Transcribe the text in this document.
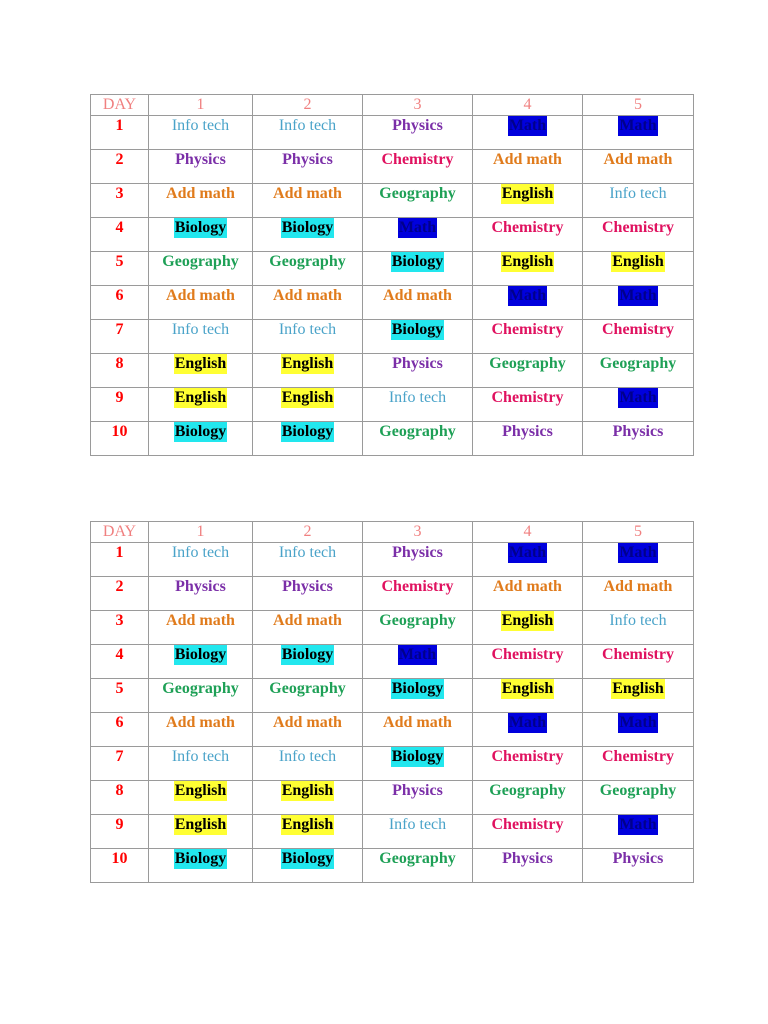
DAY	1	2	3	4	5
1	Info tech	Info tech	Physics	Math	Math
2	Physics	Physics	Chemistry	Add math	Add math
3	Add math	Add math	Geography	English	Info tech
4	Biology	Biology	Math	Chemistry	Chemistry
5	Geography	Geography	Biology	English	English
6	Add math	Add math	Add math	Math	Math
7	Info tech	Info tech	Biology	Chemistry	Chemistry
8	English	English	Physics	Geography	Geography
9	English	English	Info tech	Chemistry	Math
10	Biology	Biology	Geography	Physics	Physics
DAY	1	2	3	4	5
1	Info tech	Info tech	Physics	Math	Math
2	Physics	Physics	Chemistry	Add math	Add math
3	Add math	Add math	Geography	English	Info tech
4	Biology	Biology	Math	Chemistry	Chemistry
5	Geography	Geography	Biology	English	English
6	Add math	Add math	Add math	Math	Math
7	Info tech	Info tech	Biology	Chemistry	Chemistry
8	English	English	Physics	Geography	Geography
9	English	English	Info tech	Chemistry	Math
10	Biology	Biology	Geography	Physics	Physics
